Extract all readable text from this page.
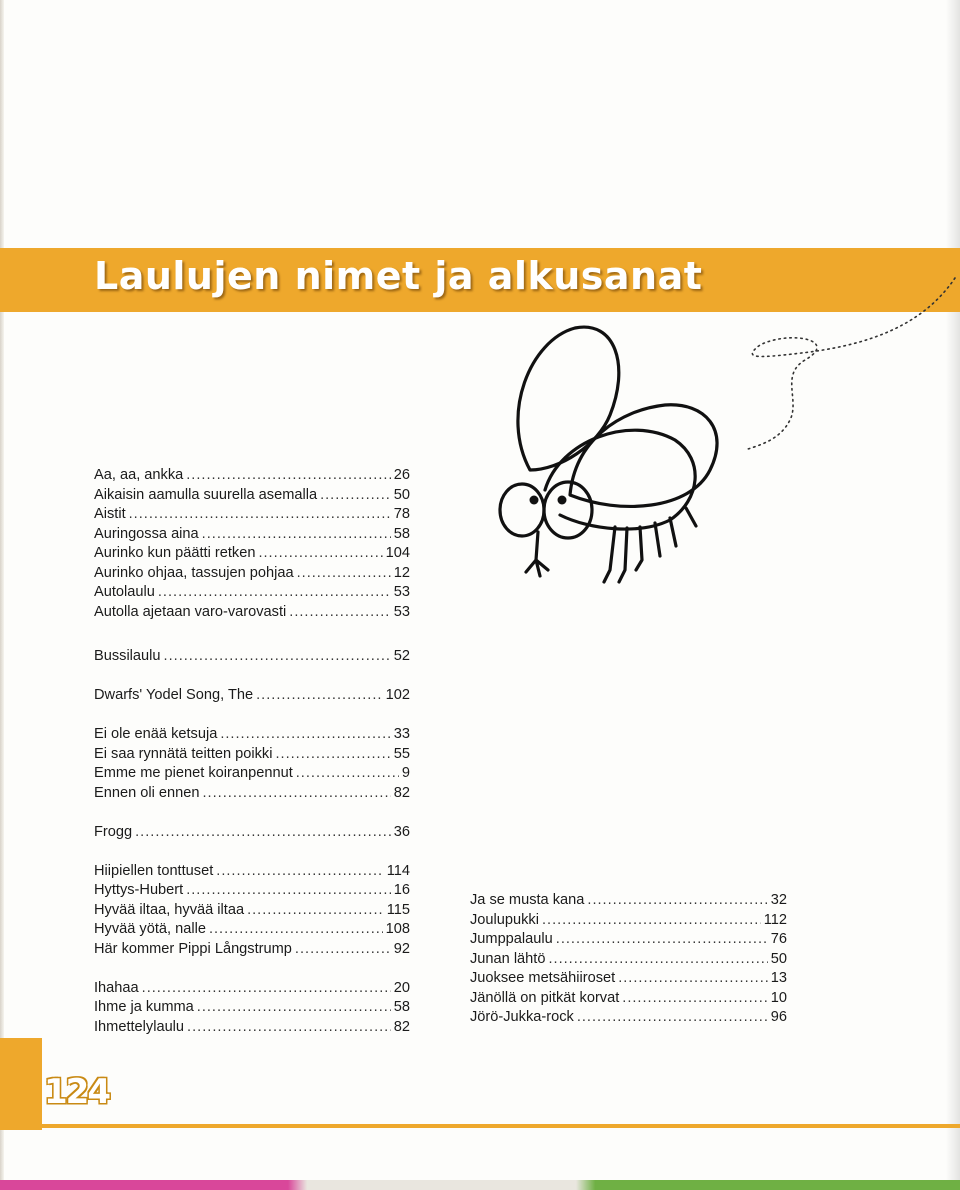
Laulujen nimet ja alkusanat
Aa, aa, ankka .....	26
Aikaisin aamulla suurella asemalla .....	50
Aistit .....	78
Auringossa aina .....	58
Aurinko kun päätti retken .....	104
Aurinko ohjaa, tassujen pohjaa .....	12
Autolaulu .....	53
Autolla ajetaan varo-varovasti .....	53
Bussilaulu .....	52
Dwarfs' Yodel Song, The .....	102
Ei ole enää ketsuja .....	33
Ei saa rynnätä teitten poikki .....	55
Emme me pienet koiranpennut .....	9
Ennen oli ennen .....	82
Frogg .....	36
Hiipiellen tonttuset .....	114
Hyttys-Hubert .....	16
Hyvää iltaa, hyvää iltaa .....	115
Hyvää yötä, nalle .....	108
Här kommer Pippi Långstrump .....	92
Ihahaa .....	20
Ihme ja kumma .....	58
Ihmettelylaulu .....	82
Ja se musta kana .....	32
Joulupukki .....	112
Jumppalaulu .....	76
Junan lähtö .....	50
Juoksee metsähiiroset .....	13
Jänöllä on pitkät korvat .....	10
Jörö-Jukka-rock .....	96
124
